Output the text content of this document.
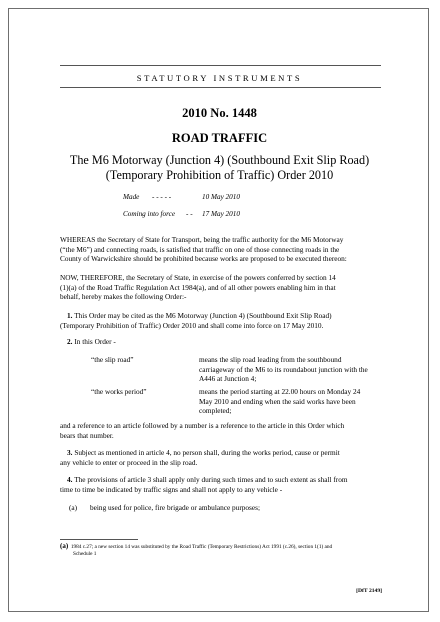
STATUTORY INSTRUMENTS
2010 No. 1448
ROAD TRAFFIC
The M6 Motorway (Junction 4) (Southbound Exit Slip Road)
(Temporary Prohibition of Traffic) Order 2010
Made
Coming into force
- - - - -
- -
10 May 2010
17 May 2010
WHEREAS the Secretary of State for Transport, being the traffic authority for the M6 Motorway
(“the M6”) and connecting roads, is satisfied that traffic on one of those connecting roads in the
County of Warwickshire should be prohibited because works are proposed to be executed thereon:
NOW, THEREFORE, the Secretary of State, in exercise of the powers conferred by section 14
(1)(a) of the Road Traffic Regulation Act 1984(a), and of all other powers enabling him in that
behalf, hereby makes the following Order:-
1. This Order may be cited as the M6 Motorway (Junction 4) (Southbound Exit Slip Road)
(Temporary Prohibition of Traffic) Order 2010 and shall come into force on 17 May 2010.
2. In this Order -
“the slip road”	means the slip road leading from the southbound
carriageway of the M6 to its roundabout junction with the
A446 at Junction 4;
“the works period”	means the period starting at 22.00 hours on Monday 24
May 2010 and ending when the said works have been
completed;
and a reference to an article followed by a number is a reference to the article in this Order which
bears that number.
3. Subject as mentioned in article 4, no person shall, during the works period, cause or permit
any vehicle to enter or proceed in the slip road.
4. The provisions of article 3 shall apply only during such times and to such extent as shall from
time to time be indicated by traffic signs and shall not apply to any vehicle -
(a) being used for police, fire brigade or ambulance purposes;
(a) 1984 c.27; a new section 14 was substituted by the Road Traffic (Temporary Restrictions) Act 1991 (c.26), section 1(1) and
Schedule 1
[DfT 2149]
